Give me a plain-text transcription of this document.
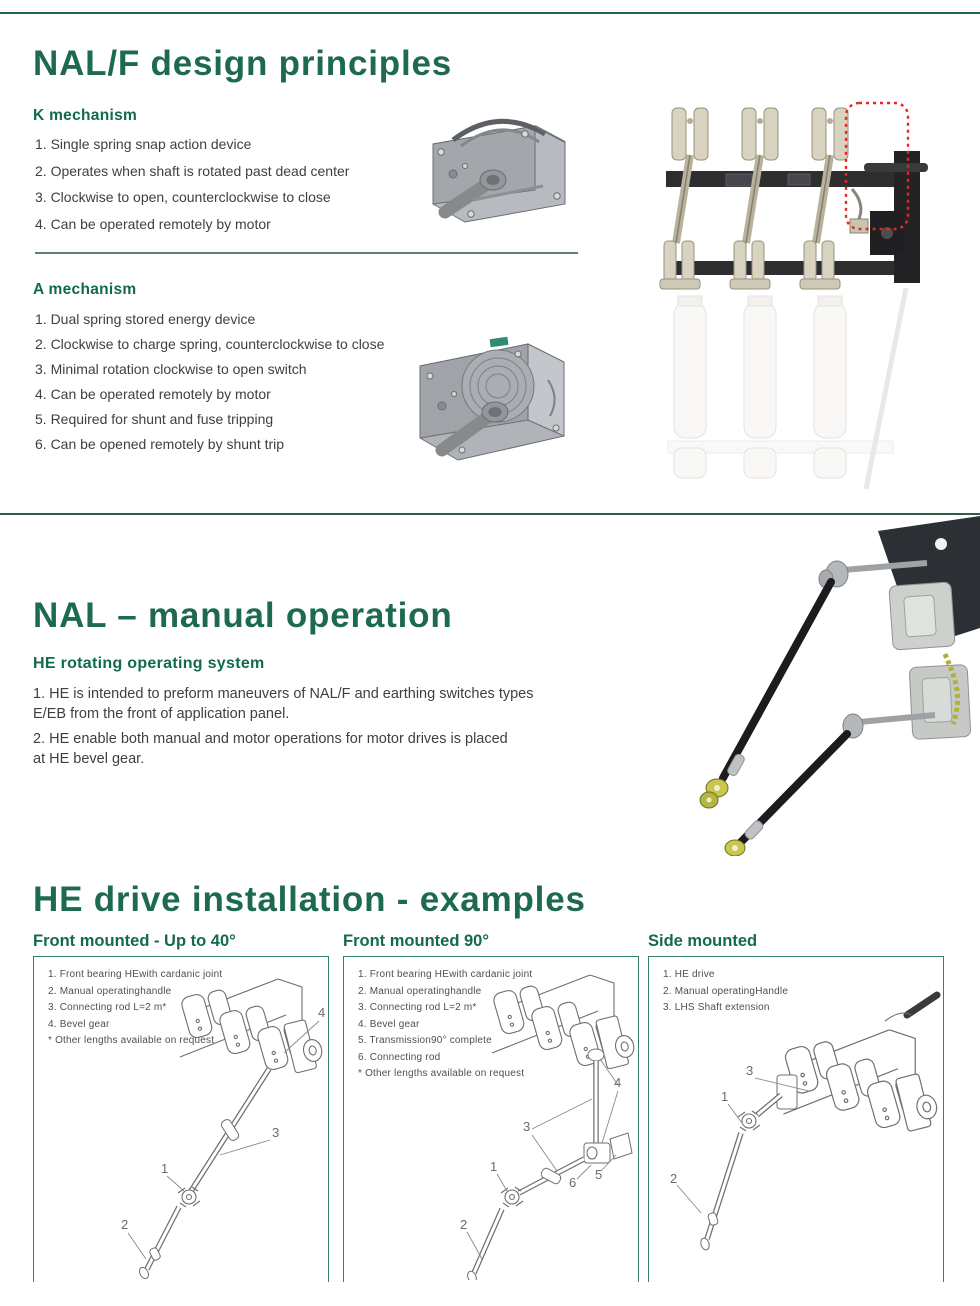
NAL/F design principles
K mechanism
1. Single spring snap action device
2. Operates when shaft is rotated past dead center
3. Clockwise to open, counterclockwise to close
4. Can be operated remotely by motor
A mechanism
1. Dual spring stored energy device
2. Clockwise to charge spring, counterclockwise to close
3. Minimal rotation clockwise to open switch
4. Can be operated remotely by motor
5. Required for shunt and fuse tripping
6. Can be opened remotely by shunt trip
NAL – manual operation
HE rotating operating system
1. HE is intended to preform maneuvers of NAL/F and earthing switches types
E/EB from the front of application panel.
2. HE enable both manual and motor operations for motor drives is placed
at HE bevel gear.
HE drive installation - examples
Front mounted - Up to 40°	Front mounted 90°	Side mounted
1. Front bearing HEwith cardanic joint
2. Manual operatinghandle
3. Connecting rod L=2 m*
4. Bevel gear
* Other lengths available on request
4
3
1
2
1. Front bearing HEwith cardanic joint
2. Manual operatinghandle
3. Connecting rod L=2 m*
4. Bevel gear
5. Transmission90° complete
6. Connecting rod
* Other lengths available on request
4
3
1
6
5
2
1. HE drive
2. Manual operatingHandle
3. LHS Shaft extension
3
1
2
